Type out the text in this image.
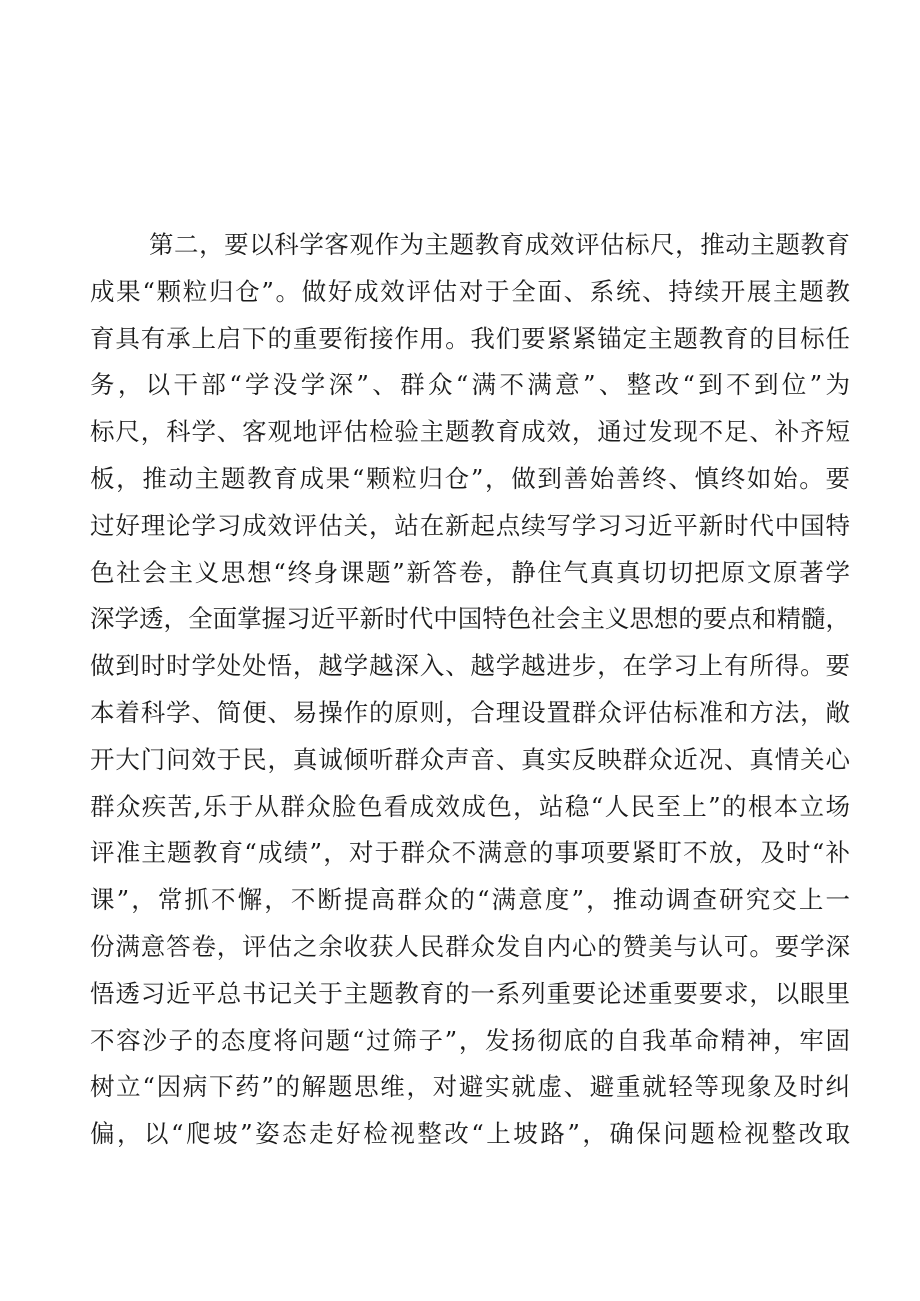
第二，要以科学客观作为主题教育成效评估标尺，推动主题教育
成果“颗粒归仓”。做好成效评估对于全面、系统、持续开展主题教
育具有承上启下的重要衔接作用。我们要紧紧锚定主题教育的目标任
务，以干部“学没学深”、群众“满不满意”、整改“到不到位”为
标尺，科学、客观地评估检验主题教育成效，通过发现不足、补齐短
板，推动主题教育成果“颗粒归仓”，做到善始善终、慎终如始。要
过好理论学习成效评估关，站在新起点续写学习习近平新时代中国特
色社会主义思想“终身课题”新答卷，静住气真真切切把原文原著学
深学透，全面掌握习近平新时代中国特色社会主义思想的要点和精髓，
做到时时学处处悟，越学越深入、越学越进步，在学习上有所得。要
本着科学、简便、易操作的原则，合理设置群众评估标准和方法，敞
开大门问效于民，真诚倾听群众声音、真实反映群众近况、真情关心
群众疾苦,乐于从群众脸色看成效成色，站稳“人民至上”的根本立场
评准主题教育“成绩”，对于群众不满意的事项要紧盯不放，及时“补
课”，常抓不懈，不断提高群众的“满意度”，推动调查研究交上一
份满意答卷，评估之余收获人民群众发自内心的赞美与认可。要学深
悟透习近平总书记关于主题教育的一系列重要论述重要要求，以眼里
不容沙子的态度将问题“过筛子”，发扬彻底的自我革命精神，牢固
树立“因病下药”的解题思维，对避实就虚、避重就轻等现象及时纠
偏，以“爬坡”姿态走好检视整改“上坡路”，确保问题检视整改取
